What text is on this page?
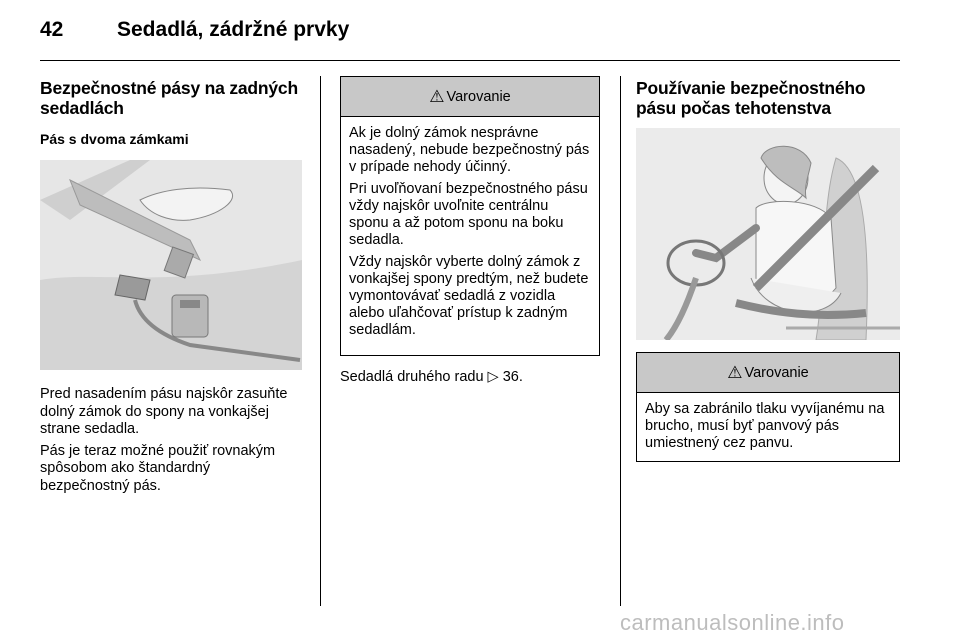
42	Sedadlá, zádržné prvky
Bezpečnostné pásy na zadných sedadlách
Pás s dvoma zámkami

Pred nasadením pásu najskôr zasuňte dolný zámok do spony na vonkajšej strane sedadla.

Pás je teraz možné použiť rovnakým spôsobom ako štandardný bezpečnostný pás.

⚠ Varovanie

Ak je dolný zámok nesprávne nasadený, nebude bezpečnostný pás v prípade nehody účinný.

Pri uvoľňovaní bezpečnostného pásu vždy najskôr uvoľnite centrálnu sponu a až potom sponu na boku sedadla.

Vždy najskôr vyberte dolný zámok z vonkajšej spony predtým, než budete vymontovávať sedadlá z vozidla alebo uľahčovať prístup k zadným sedadlám.

Sedadlá druhého radu ▷ 36.

Používanie bezpečnostného pásu počas tehotenstva
⚠ Varovanie

Aby sa zabránilo tlaku vyvíjanému na brucho, musí byť panvový pás umiestnený cez panvu.

carmanualsonline.info
